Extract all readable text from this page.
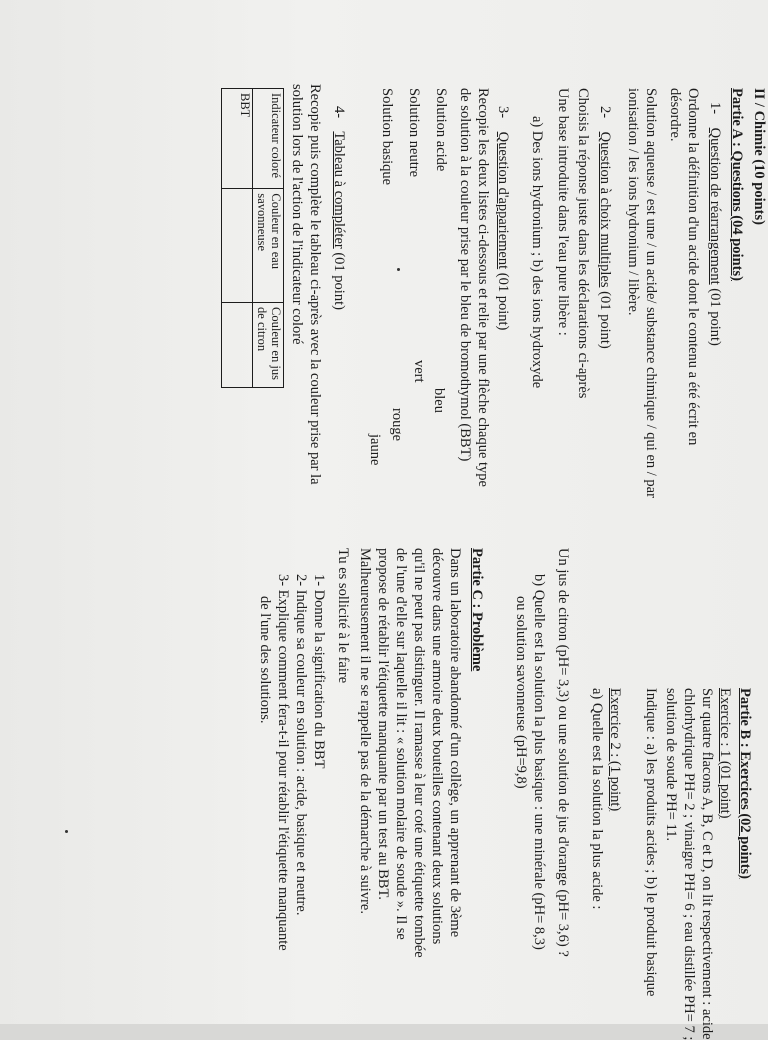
II / Chimie (10 points)

Partie A : Questions (04 points)

1- Question de réarrangement (01 point)

Ordonne la définition d'un acide dont le contenu a été écrit en

désordre.

Solution aqueuse / est une / un acide/ substance chimique / qui en / par

ionisation / les ions hydronium / libère.

2- Question à choix multiples (01 point)

Choisis la réponse juste dans les déclarations ci-après

Une base introduite dans l'eau pure libère :

a) Des ions hydronium ; b) des ions hydroxyde

3- Question d'appariement (01 point)

Recopie les deux listes ci-dessous et relie par une flèche chaque type

de solution à la couleur prise par le bleu de bromothymol (BBT)

Solution acide

Solution neutre

Solution basique

bleu

vert

rouge

jaune

4- Tableau à compléter (01 point)

Recopie puis complète le tableau ci-après avec la couleur prise par la

solution lors de l'action de l'indicateur coloré

Indicateur coloré	Couleur en eau savonneuse	Couleur en jus de citron
BBT		

Partie B : Exercices (02 points)

Exercice : 1 (01 point)

Sur quatre flacons A, B, C et D, on lit respectivement : acide

chlorhydrique PH= 2 ; vinaigre PH= 6 ; eau distillée PH= 7 ;

solution de soude PH= 11.

Indique : a) les produits acides ; b) le produit basique

Exercice 2 : (1 point)

a) Quelle est la solution la plus acide :

Un jus de citron (pH= 3,3) ou une solution de jus d'orange (pH= 3,6) ?

b) Quelle est la solution la plus basique : une minérale (pH= 8,3)

ou solution savonneuse (pH=9,8)

Partie C : Problème

Dans un laboratoire abandonné d'un collège, un apprenant de 3ème

découvre dans une armoire deux bouteilles contenant deux solutions

qu'il ne peut pas distinguer. Il ramasse à leur coté une étiquette tombée

de l'une d'elle sur laquelle il lit : « solution molaire de soude ». Il se

propose de rétablir l'étiquette manquante par un test au BBT.

Malheureusement il ne se rappelle pas de la démarche à suivre.

Tu es sollicité à le faire

1- Donne la signification du BBT

2- Indique sa couleur en solution : acide, basique et neutre.

3- Explique comment fera-t-il pour rétablir l'étiquette manquante

de l'une des solutions.
